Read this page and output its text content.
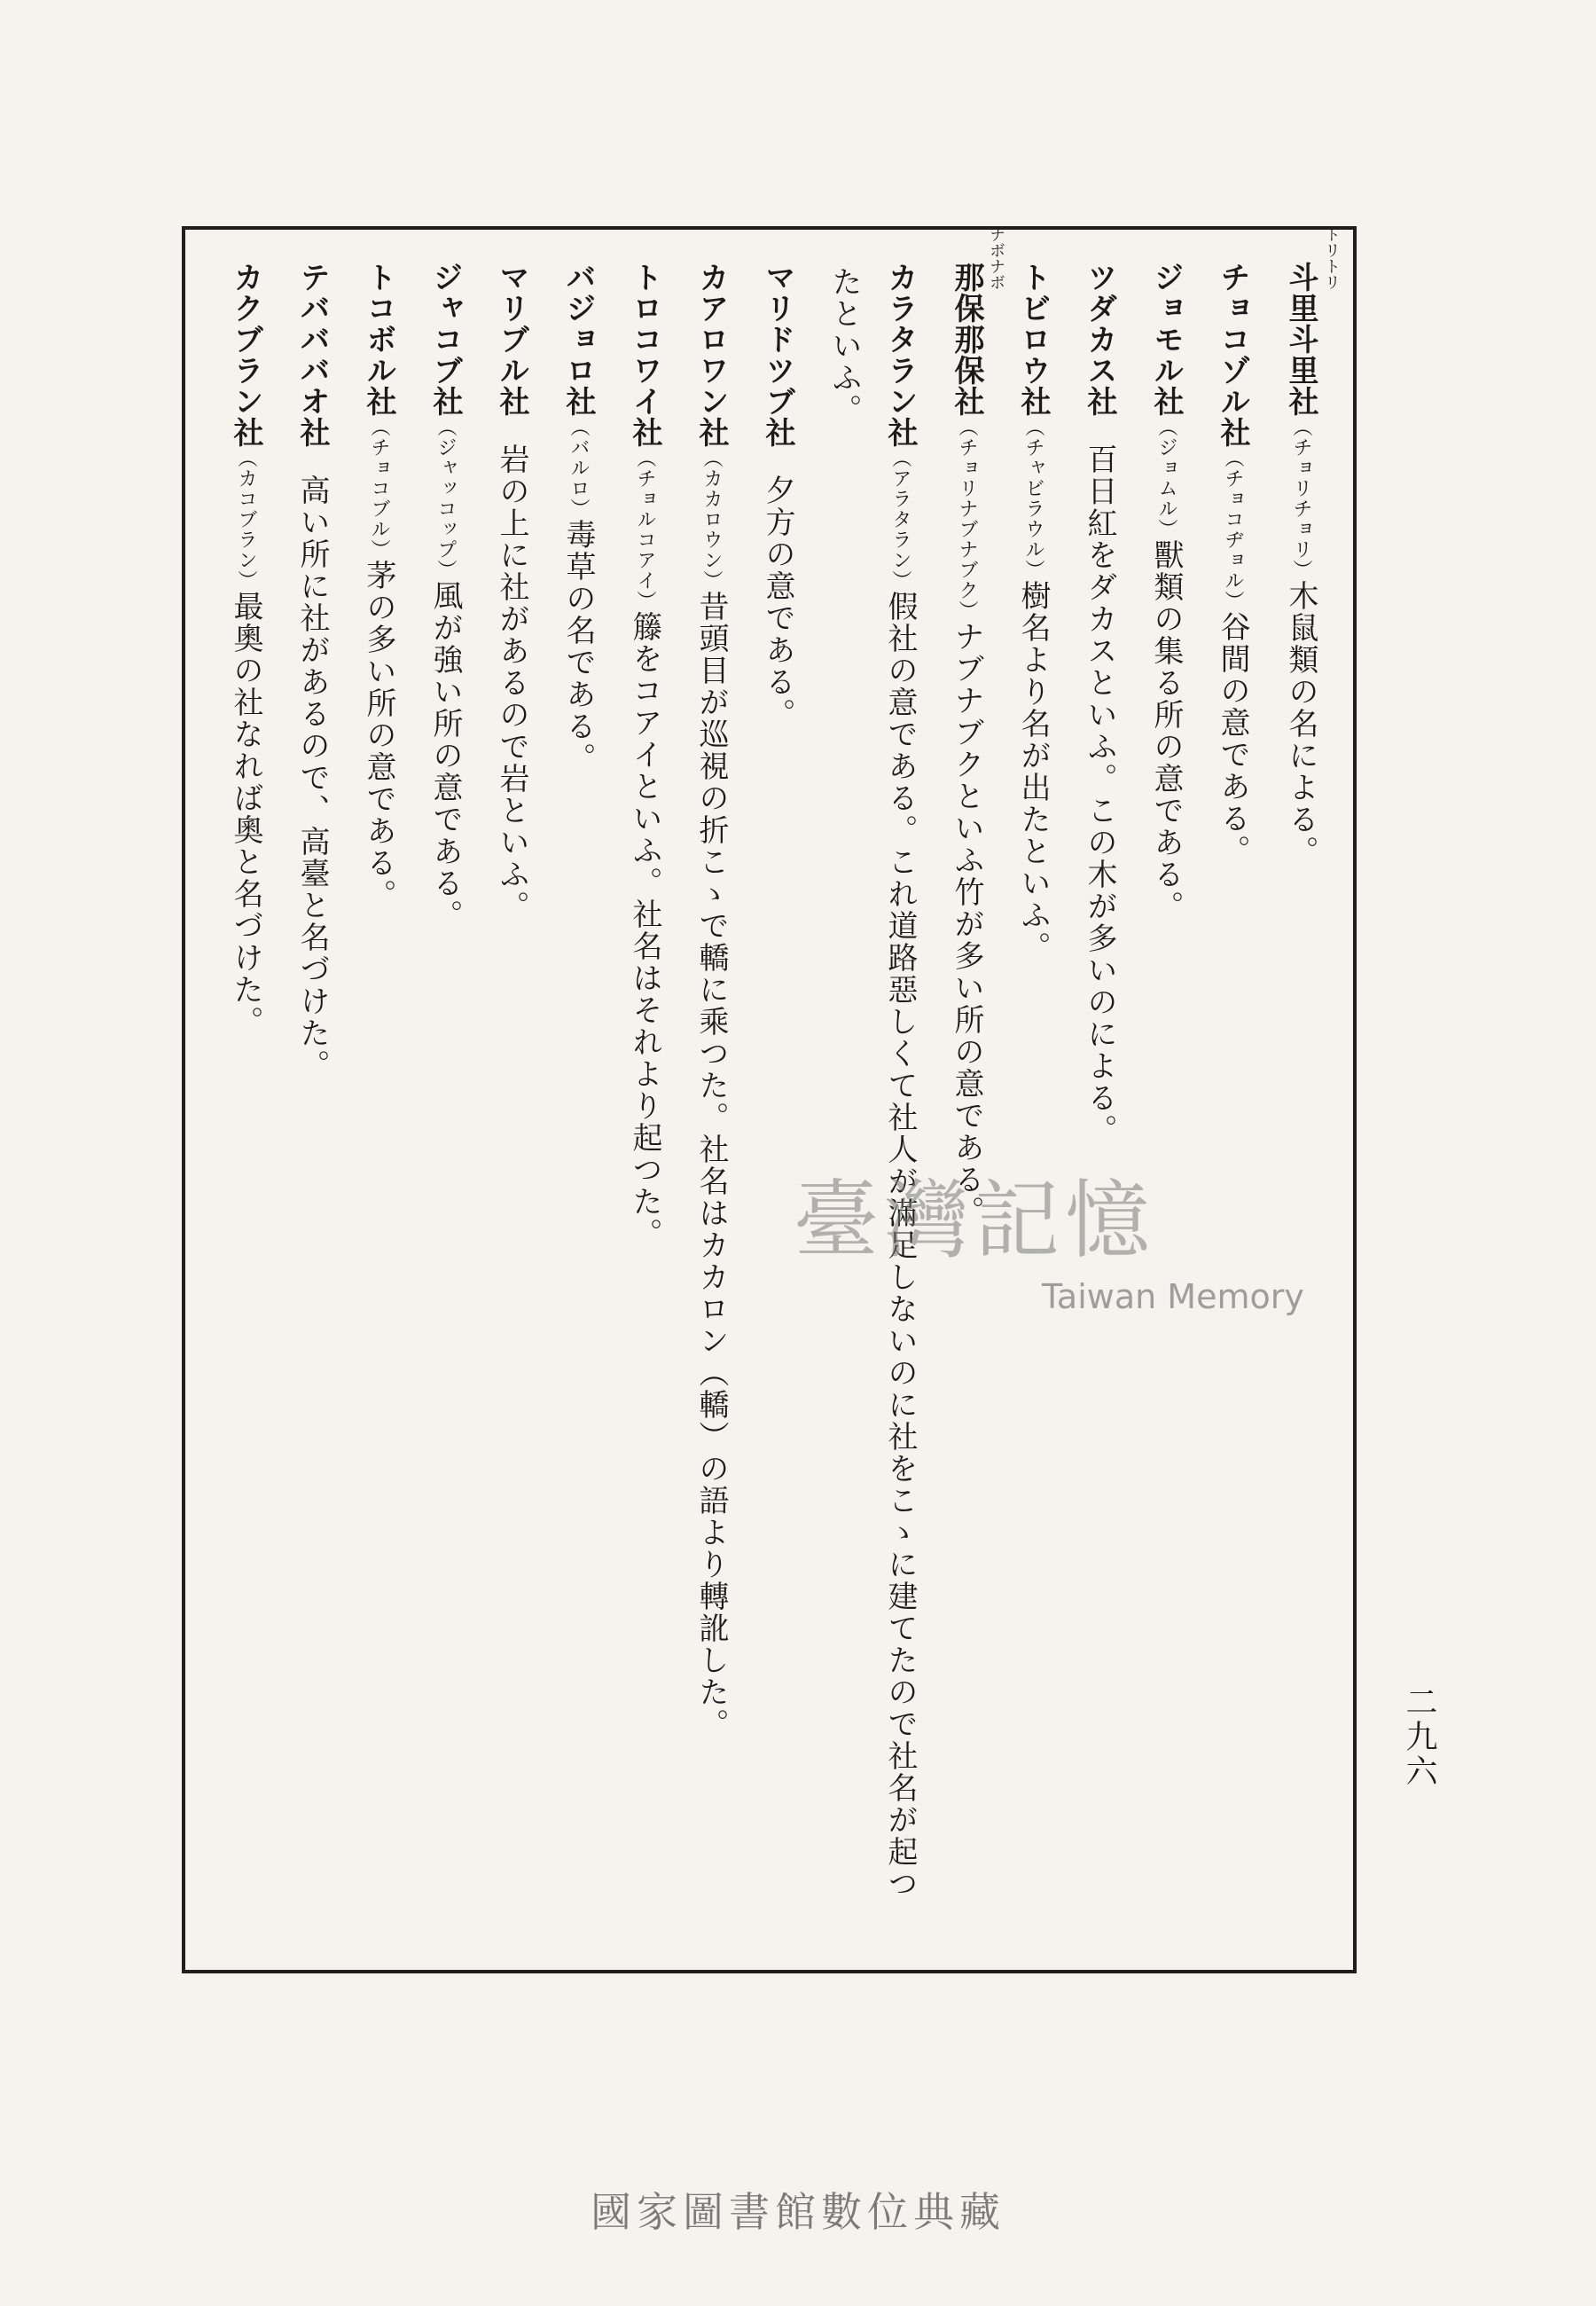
斗里斗里社（チョリチョリ）木鼠類の名による。
トリトリ
チョコゾル社（チョコヂョル）谷間の意である。
ジョモル社（ジョムル）獸類の集る所の意である。
ツダカス社百日紅をダカスといふ。この木が多いのによる。
トビロウ社（チャビラウル）樹名より名が出たといふ。
那保那保社（チョリナブナブク）ナブナブクといふ竹が多い所の意である。
ナボナボ
カラタラン社（アラタラン）假社の意である。これ道路惡しくて社人が滿足しないのに社をこゝに建てたので社名が起つ
たといふ。
マリドツブ社夕方の意である。
カアロワン社（カカロウン）昔頭目が巡視の折こゝで轎に乘つた。社名はカカロン（轎）の語より轉訛した。
トロコワイ社（チョルコアイ）籐をコアイといふ。社名はそれより起つた。
バジョロ社（バルロ）毒草の名である。
マリブル社岩の上に社があるので岩といふ。
ジャコブ社（ジャッコップ）風が強い所の意である。
トコボル社（チョコブル）茅の多い所の意である。
テバババオ社高い所に社があるので、高臺と名づけた。
カクブラン社（カコブラン）最奧の社なれば奧と名づけた。
二九六
臺灣記憶
Taiwan Memory
國家圖書館數位典藏
